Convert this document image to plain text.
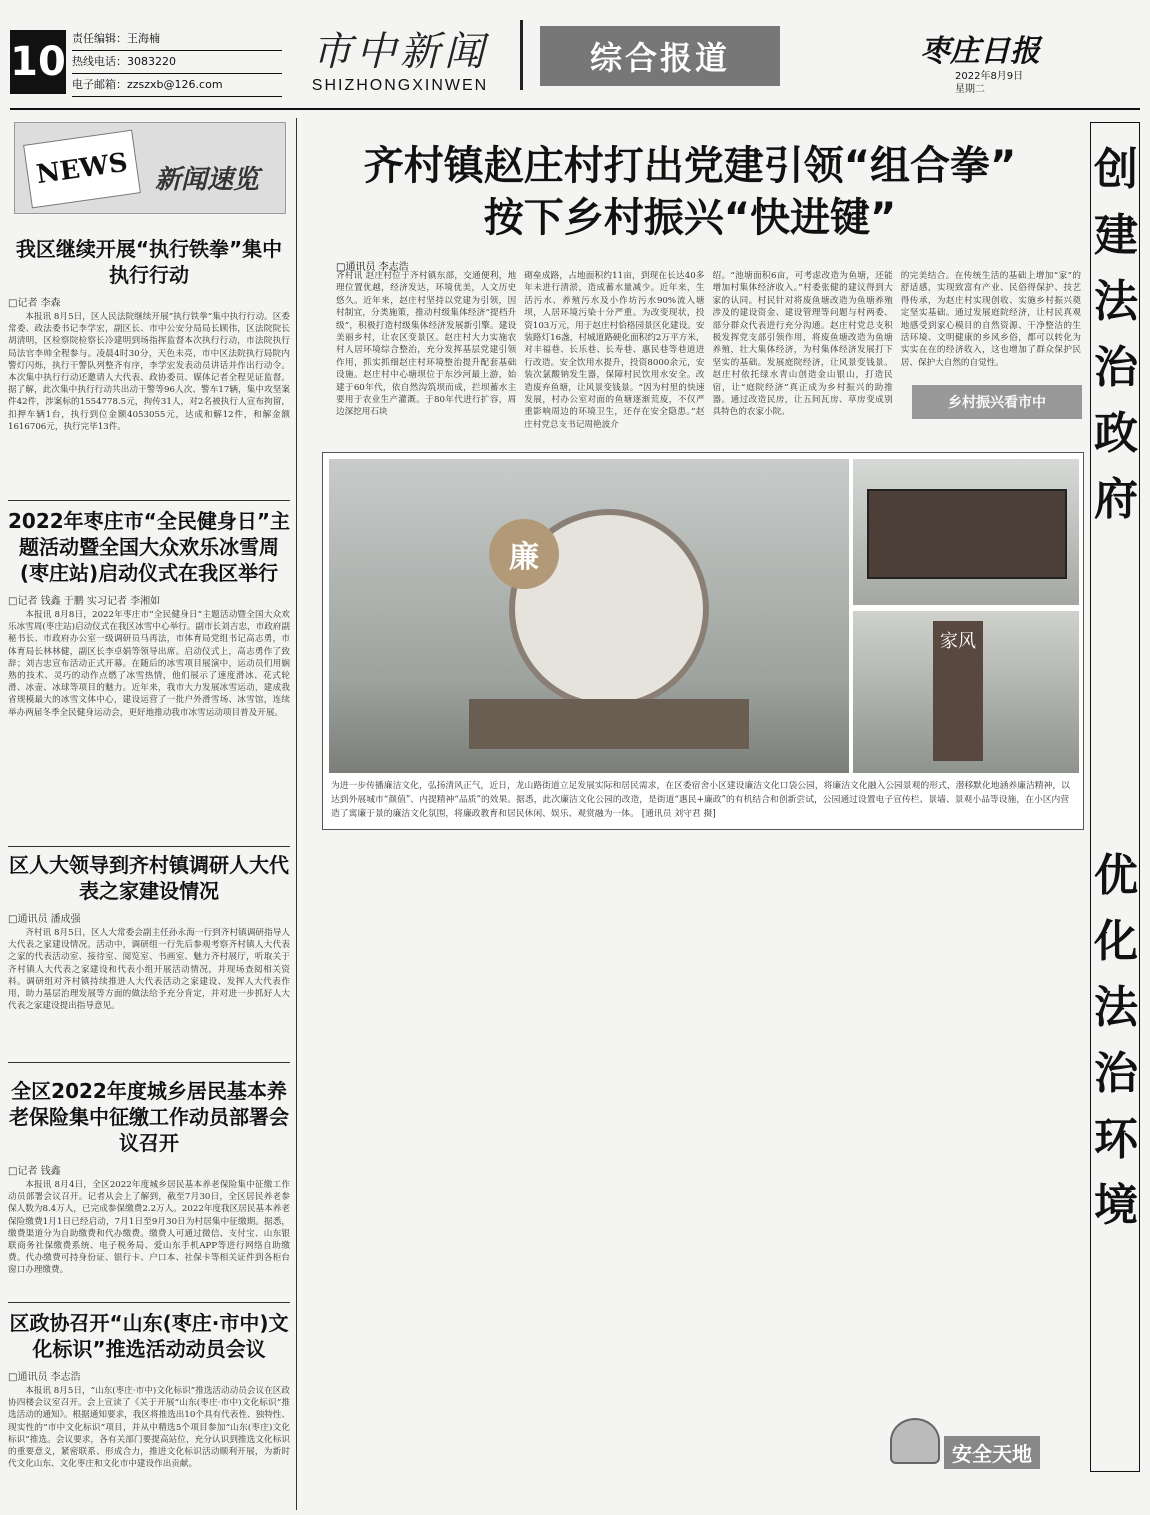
10
责任编辑：王海楠
热线电话：3083220
电子邮箱：zzszxb@126.com
市中新闻
SHIZHONGXINWEN
综合报道	枣庄日报
2022年8月9日
星期二
NEWS 新闻速览
我区继续开展“执行铁拳”集中执行行动
□记者 李森
本报讯 8月5日，区人民法院继续开展“执行铁拳”集中执行行动。区委常委、政法委书记李学宏，副区长、市中公安分局局长顾伟，区法院院长胡清明，区检察院检察长冷建明到场指挥监督本次执行行动，市法院执行局法官李帅全程参与。凌晨4时30分，天色未亮，市中区法院执行局院内警灯闪烁，执行干警队列整齐有序，李学宏发表动员讲话并作出行动令。本次集中执行行动还邀请人大代表、政协委员、媒体记者全程见证监督。据了解，此次集中执行行动共出动干警等96人次、警车17辆，集中攻坚案件42件，涉案标的1554778.5元，拘传31人，对2名被执行人宣布拘留，扣押车辆1台，执行到位金额4053055元，达成和解12件，和解金额1616706元，执行完毕13件。
2022年枣庄市“全民健身日”主题活动暨全国大众欢乐冰雪周(枣庄站)启动仪式在我区举行
□记者 钱鑫 于鹏 实习记者 李湘如
本报讯 8月8日，2022年枣庄市“全民健身日”主题活动暨全国大众欢乐冰雪周(枣庄站)启动仪式在我区冰雪中心举行。副市长刘吉忠，市政府副秘书长、市政府办公室一级调研员马再法，市体育局党组书记高志勇，市体育局长林林健，副区长李卓娟等领导出席。启动仪式上，高志勇作了致辞；刘吉忠宣布活动正式开幕。在随后的冰雪项目展演中，运动员们用娴熟的技术、灵巧的动作点燃了冰雪热情，他们展示了速度滑冰、花式轮滑、冰壶、冰球等项目的魅力。近年来，我市大力发展冰雪运动，建成我省规模最大的冰雪文体中心，建设运营了一批户外滑雪场、冰雪馆，连续举办两届冬季全民健身运动会，更好地推动我市冰雪运动项目普及开展。
区人大领导到齐村镇调研人大代表之家建设情况
□通讯员 潘成强
齐村讯 8月5日，区人大常委会副主任孙永海一行到齐村镇调研指导人大代表之家建设情况。活动中，调研组一行先后参观考察齐村镇人大代表之家的代表活动室、接待室、阅览室、书画室、魅力齐村展厅，听取关于齐村镇人大代表之家建设和代表小组开展活动情况，并现场查阅相关资料。调研组对齐村镇持续推进人大代表活动之家建设、发挥人大代表作用，助力基层治理发展等方面的做法给予充分肯定，并对进一步抓好人大代表之家建设提出指导意见。
全区2022年度城乡居民基本养老保险集中征缴工作动员部署会议召开
□记者 钱鑫
本报讯 8月4日，全区2022年度城乡居民基本养老保险集中征缴工作动员部署会议召开。记者从会上了解到，截至7月30日，全区居民养老参保人数为8.4万人，已完成参保缴费2.2万人。2022年度我区居民基本养老保险缴费1月1日已经启动，7月1日至9月30日为村居集中征缴期。据悉，缴费渠道分为自助缴费和代办缴费。缴费人可通过微信、支付宝、山东银联商务社保缴费系统、电子税务局、爱山东手机APP等进行网络自助缴费。代办缴费可持身份证、银行卡、户口本、社保卡等相关证件到各柜台窗口办理缴费。
区政协召开“山东(枣庄·市中)文化标识”推选活动动员会议
□通讯员 李志浩
本报讯 8月5日，“山东(枣庄·市中)文化标识”推选活动动员会议在区政协四楼会议室召开。会上宣读了《关于开展“山东(枣庄·市中)文化标识”推选活动的通知》。根据通知要求，我区将推选出10个具有代表性、独特性、现实性的“市中文化标识”项目，并从中精选5个项目参加“山东(枣庄)文化标识”推选。会议要求，各有关部门要提高站位，充分认识到推选文化标识的重要意义，紧密联系、形成合力，推进文化标识活动顺利开展，为新时代文化山东、文化枣庄和文化市中建设作出贡献。
齐村镇赵庄村打出党建引领“组合拳”
按下乡村振兴“快进键”
□通讯员 李志浩
齐村讯 赵庄村位于齐村镇东部，交通便利，地理位置优越，经济发达，环境优美，人文历史悠久。近年来，赵庄村坚持以党建为引领，因村制宜，分类施策，推动村级集体经济“提档升级”，积极打造村级集体经济发展新引擎。建设美丽乡村，让农区变景区。赵庄村大力实施农村人居环境综合整治，充分发挥基层党建引领作用，抓实抓细赵庄村环境整治提升配套基础设施。赵庄村中心塘坝位于东沙河最上游，始建于60年代，依自然沟筑坝而成，拦坝蓄水主要用于农业生产灌溉。于80年代进行扩容，周边深挖用石块
砌垒成路，占地面积约11亩，到现在长达40多年未进行清淤，造成蓄水量减少。近年来，生活污水、养殖污水及小作坊污水90%流入塘坝，人居环境污染十分严重。为改变现状，投资103万元，用于赵庄村恰格园景区化建设。安装路灯16盏，村城道路硬化面积约2万平方米，对丰福巷、长乐巷、长寿巷、惠民巷等巷道进行改造。安全饮用水提升，投资8000余元，安装次氯酸钠发生器，保障村民饮用水安全。改造废弃鱼塘，让风景变钱景。“因为村里的快速发展，村办公室对面的鱼塘逐渐荒废，不仅严重影响周边的环境卫生，还存在安全隐患。”赵庄村党总支书记周艳波介
绍。“池塘面积6亩，可考虑改造为鱼塘，还能增加村集体经济收入。”村委张健的建议得到大家的认同。村民针对将废鱼塘改造为鱼塘养殖涉及的建设资金、建设管理等问题与村两委、部分群众代表进行充分沟通。赵庄村党总支积极发挥党支部引领作用，将废鱼塘改造为鱼塘养殖，壮大集体经济，为村集体经济发展打下坚实的基础。发展庭院经济，让风景变钱景。赵庄村依托绿水青山创造金山银山，打造民宿，让“庭院经济”真正成为乡村振兴的助推器。通过改造民房，让五间瓦房、草房变成别具特色的农家小院。
的完美结合。在传统生活的基础上增加“家”的舒适感，实现致富有产业、民俗得保护、技艺得传承，为赵庄村实现创收、实施乡村振兴奠定坚实基础。通过发展庭院经济，让村民真观地感受到家心模目的自然资源、干净整洁的生活环境、文明健康的乡风乡俗，都可以转化为实实在在的经济收入，这也增加了群众保护民居、保护大自然的自觉性。
乡村振兴看市中
廉
家风
为进一步传播廉洁文化，弘扬清风正气，近日，龙山路街道立足发展实际和居民需求，在区委宿舍小区建设廉洁文化口袋公园，将廉洁文化融入公园景观的形式，潜移默化地涵养廉洁精神，以达到外展城市“颜值”、内提精神“品质”的效果。据悉，此次廉洁文化公园的改造，是街道“惠民+廉政”的有机结合和创新尝试，公园通过设置电子宣传栏、景墙、景观小品等设施，在小区内营造了寓廉于景的廉洁文化氛围，将廉政教育和居民休闲、娱乐、观赏融为一体。 [通讯员 刘守君 摄]
创
建
法
治
政
府
优
化
法
治
环
境
安全天地
